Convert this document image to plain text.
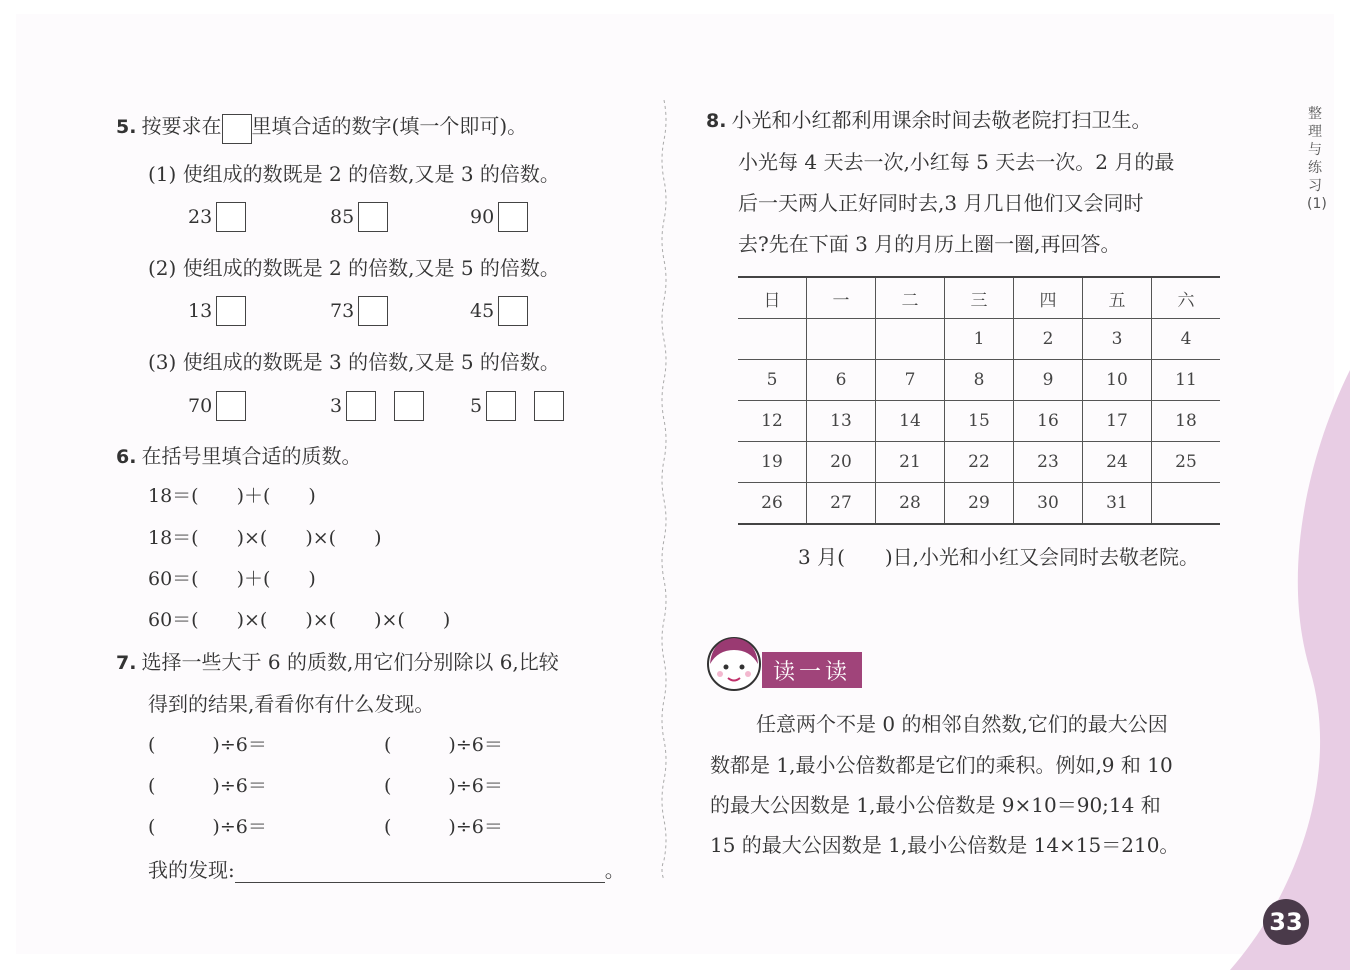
5. 按要求在 里填合适的数字(填一个即可)。
(1) 使组成的数既是 2 的倍数,又是 3 的倍数。
23	85	90
(2) 使组成的数既是 2 的倍数,又是 5 的倍数。
13	73	45
(3) 使组成的数既是 3 的倍数,又是 5 的倍数。
70	3	5
6. 在括号里填合适的质数。
18＝(　　)＋(　　)
18＝(　　)×(　　)×(　　)
60＝(　　)＋(　　)
60＝(　　)×(　　)×(　　)×(　　)
7. 选择一些大于 6 的质数,用它们分别除以 6,比较
得到的结果,看看你有什么发现。
(　　　)÷6＝	(　　　)÷6＝
(　　　)÷6＝	(　　　)÷6＝
(　　　)÷6＝	(　　　)÷6＝
我的发现:	。
8. 小光和小红都利用课余时间去敬老院打扫卫生。
小光每 4 天去一次,小红每 5 天去一次。2 月的最
后一天两人正好同时去,3 月几日他们又会同时
去?先在下面 3 月的月历上圈一圈,再回答。
日	一	二	三	四	五	六
			1	2	3	4
5	6	7	8	9	10	11
12	13	14	15	16	17	18
19	20	21	22	23	24	25
26	27	28	29	30	31	
3 月(　　)日,小光和小红又会同时去敬老院。
读一读
任意两个不是 0 的相邻自然数,它们的最大公因
数都是 1,最小公倍数都是它们的乘积。例如,9 和 10
的最大公因数是 1,最小公倍数是 9×10＝90;14 和
15 的最大公因数是 1,最小公倍数是 14×15＝210。
整理与练习(1)
33
